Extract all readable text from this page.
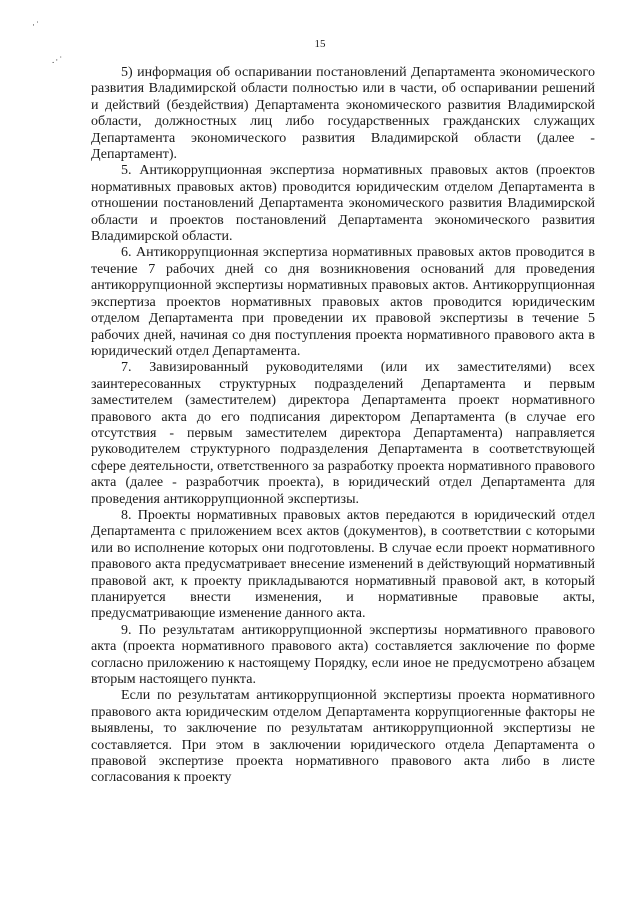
·˙
.·˙
15

5) информация об оспаривании постановлений Департамента экономического развития Владимирской области полностью или в части, об оспаривании решений и действий (бездействия) Департамента экономического развития Владимирской области, должностных лиц либо государственных гражданских служащих Департамента экономического развития Владимирской области (далее - Департамент).

5. Антикоррупционная экспертиза нормативных правовых актов (проектов нормативных правовых актов) проводится юридическим отделом Департамента в отношении постановлений Департамента экономического развития Владимирской области и проектов постановлений Департамента экономического развития Владимирской области.

6. Антикоррупционная экспертиза нормативных правовых актов проводится в течение 7 рабочих дней со дня возникновения оснований для проведения антикоррупционной экспертизы нормативных правовых актов. Антикоррупционная экспертиза проектов нормативных правовых актов проводится юридическим отделом Департамента при проведении их правовой экспертизы в течение 5 рабочих дней, начиная со дня поступления проекта нормативного правового акта в юридический отдел Департамента.

7. Завизированный руководителями (или их заместителями) всех заинтересованных структурных подразделений Департамента и первым заместителем (заместителем) директора Департамента проект нормативного правового акта до его подписания директором Департамента (в случае его отсутствия - первым заместителем директора Департамента) направляется руководителем структурного подразделения Департамента в соответствующей сфере деятельности, ответственного за разработку проекта нормативного правового акта (далее - разработчик проекта), в юридический отдел Департамента для проведения антикоррупционной экспертизы.

8. Проекты нормативных правовых актов передаются в юридический отдел Департамента с приложением всех актов (документов), в соответствии с которыми или во исполнение которых они подготовлены. В случае если проект нормативного правового акта предусматривает внесение изменений в действующий нормативный правовой акт, к проекту прикладываются нормативный правовой акт, в который планируется внести изменения, и нормативные правовые акты, предусматривающие изменение данного акта.

9. По результатам антикоррупционной экспертизы нормативного правового акта (проекта нормативного правового акта) составляется заключение по форме согласно приложению к настоящему Порядку, если иное не предусмотрено абзацем вторым настоящего пункта.

Если по результатам антикоррупционной экспертизы проекта нормативного правового акта юридическим отделом Департамента коррупциогенные факторы не выявлены, то заключение по результатам антикоррупционной экспертизы не составляется. При этом в заключении юридического отдела Департамента о правовой экспертизе проекта нормативного правового акта либо в листе согласования к проекту
